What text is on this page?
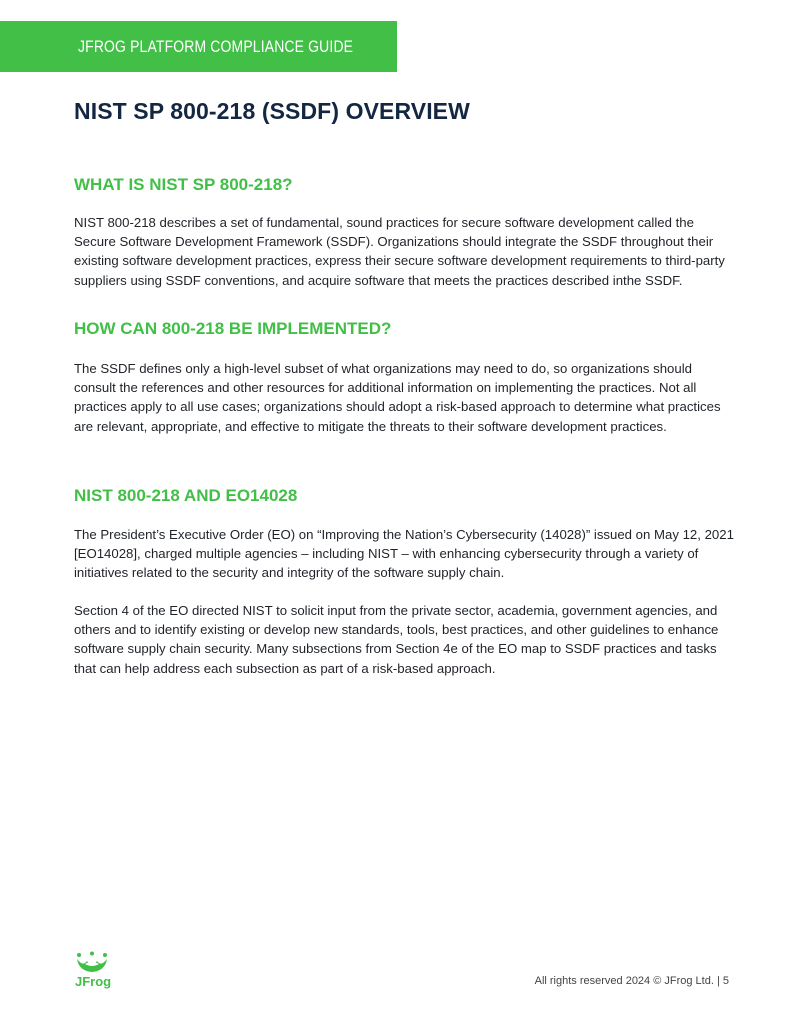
JFROG PLATFORM COMPLIANCE GUIDE
NIST SP 800-218 (SSDF) OVERVIEW
WHAT IS NIST SP 800-218?

NIST 800-218 describes a set of fundamental, sound practices for secure software development called the Secure Software Development Framework (SSDF). Organizations should integrate the SSDF throughout their existing software development practices, express their secure software development requirements to third-party suppliers using SSDF conventions, and acquire software that meets the practices described inthe SSDF.

HOW CAN 800-218 BE IMPLEMENTED?

The SSDF defines only a high-level subset of what organizations may need to do, so organizations should consult the references and other resources for additional information on implementing the practices. Not all practices apply to all use cases; organizations should adopt a risk-based approach to determine what practices are relevant, appropriate, and effective to mitigate the threats to their software development practices.

NIST 800-218 AND EO14028

The President’s Executive Order (EO) on “Improving the Nation’s Cybersecurity (14028)” issued on May 12, 2021 [EO14028], charged multiple agencies – including NIST – with enhancing cybersecurity through a variety of initiatives related to the security and integrity of the software supply chain.

Section 4 of the EO directed NIST to solicit input from the private sector, academia, government agencies, and others and to identify existing or develop new standards, tools, best practices, and other guidelines to enhance software supply chain security. Many subsections from Section 4e of the EO map to SSDF practices and tasks that can help address each subsection as part of a risk-based approach.

JFrog	All rights reserved 2024 © JFrog Ltd. | 5
